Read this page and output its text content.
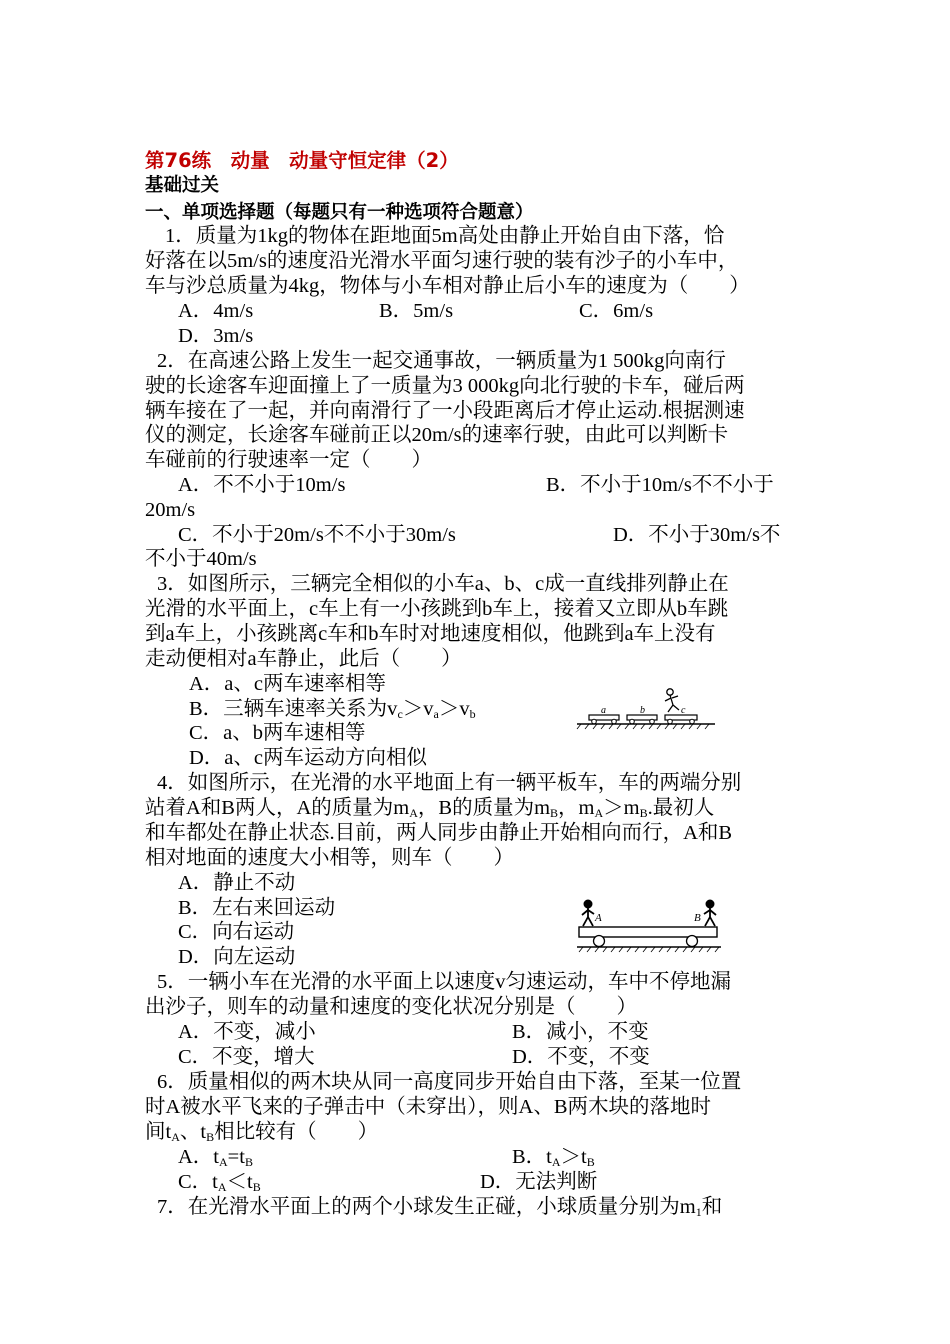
第76练　动量　动量守恒定律（2）
基础过关
一、单项选择题（每题只有一种选项符合题意）
1．质量为1kg的物体在距地面5m高处由静止开始自由下落，恰
好落在以5m/s的速度沿光滑水平面匀速行驶的装有沙子的小车中，
车与沙总质量为4kg，物体与小车相对静止后小车的速度为（　　）
A．4m/s	B．5m/s	C．6m/s
D．3m/s
2．在高速公路上发生一起交通事故，一辆质量为1 500kg向南行
驶的长途客车迎面撞上了一质量为3 000kg向北行驶的卡车，碰后两
辆车接在了一起，并向南滑行了一小段距离后才停止运动.根据测速
仪的测定，长途客车碰前正以20m/s的速率行驶，由此可以判断卡
车碰前的行驶速率一定（　　）
A．不不小于10m/s	B．不小于10m/s不不小于
20m/s
C．不小于20m/s不不小于30m/s	D．不小于30m/s不
不小于40m/s
3．如图所示，三辆完全相似的小车a、b、c成一直线排列静止在
光滑的水平面上，c车上有一小孩跳到b车上，接着又立即从b车跳
到a车上，小孩跳离c车和b车时对地速度相似，他跳到a车上没有
走动便相对a车静止，此后（　　）
A．a、c两车速率相等
B．三辆车速率关系为$v_c>v_a>v_b$
C．a、b两车速相等
D．a、c两车运动方向相似
a	b	c
4．如图所示，在光滑的水平地面上有一辆平板车，车的两端分别
站着A和B两人，A的质量为$m_A$，B的质量为$m_B$，$m_A>m_B$.最初人
和车都处在静止状态.目前，两人同步由静止开始相向而行，A和B
相对地面的速度大小相等，则车（　　）
A．静止不动
B．左右来回运动
C．向右运动
D．向左运动
A	B
5．一辆小车在光滑的水平面上以速度v匀速运动，车中不停地漏
出沙子，则车的动量和速度的变化状况分别是（　　）
A．不变，减小	B．减小，不变
C．不变，增大	D．不变，不变
6．质量相似的两木块从同一高度同步开始自由下落，至某一位置
时A被水平飞来的子弹击中（未穿出），则A、B两木块的落地时
间$t_A$、$t_B$相比较有（　　）
A．$t_A=t_B$	B．$t_A>t_B$
C．$t_A<t_B$	D．无法判断
7．在光滑水平面上的两个小球发生正碰，小球质量分别为$m_1$和
